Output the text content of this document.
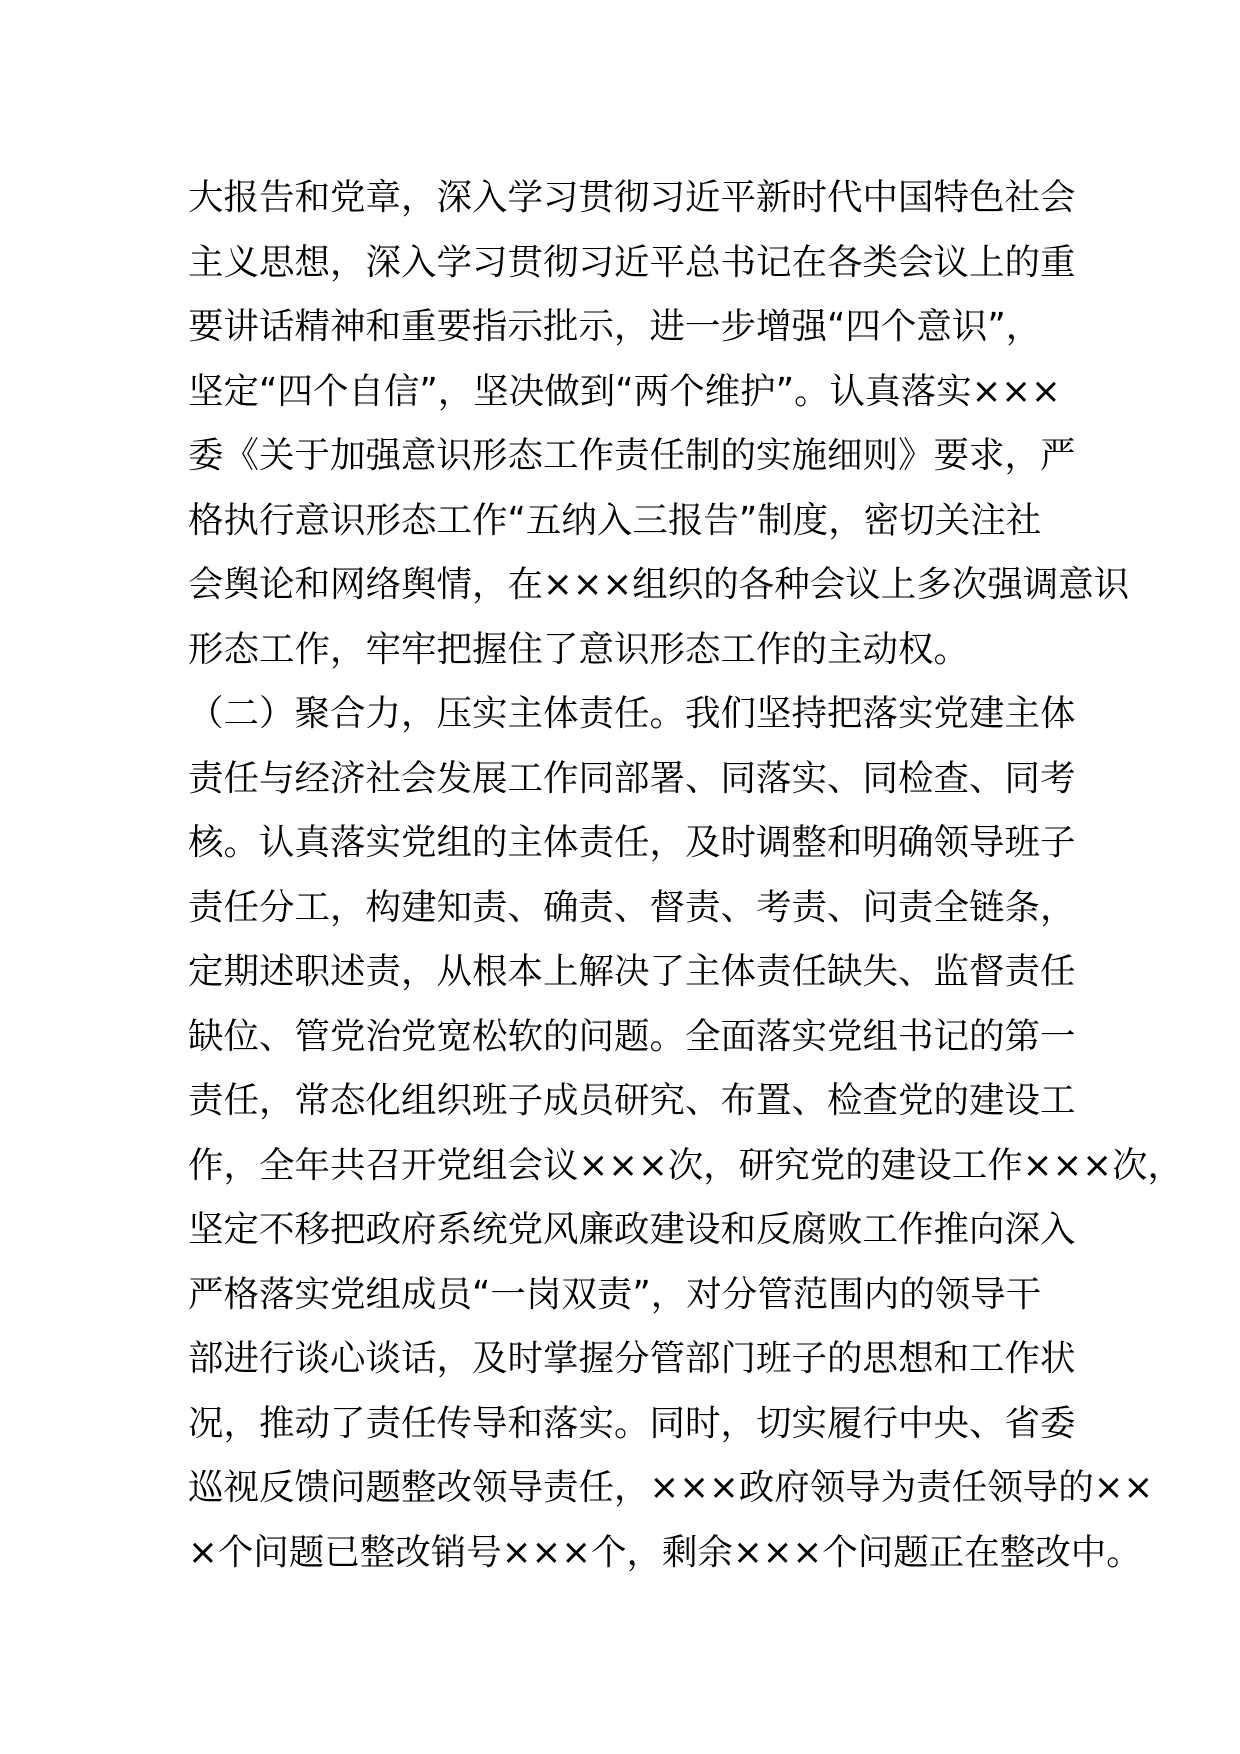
大报告和党章，深入学习贯彻习近平新时代中国特色社会
主义思想，深入学习贯彻习近平总书记在各类会议上的重
要讲话精神和重要指示批示，进一步增强“四个意识”，
坚定“四个自信”，坚决做到“两个维护”。认真落实×××
委《关于加强意识形态工作责任制的实施细则》要求，严
格执行意识形态工作“五纳入三报告”制度，密切关注社
会舆论和网络舆情，在×××组织的各种会议上多次强调意识
形态工作，牢牢把握住了意识形态工作的主动权。
（二）聚合力，压实主体责任。我们坚持把落实党建主体
责任与经济社会发展工作同部署、同落实、同检查、同考
核。认真落实党组的主体责任，及时调整和明确领导班子
责任分工，构建知责、确责、督责、考责、问责全链条，
定期述职述责，从根本上解决了主体责任缺失、监督责任
缺位、管党治党宽松软的问题。全面落实党组书记的第一
责任，常态化组织班子成员研究、布置、检查党的建设工
作，全年共召开党组会议×××次，研究党的建设工作×××次，
坚定不移把政府系统党风廉政建设和反腐败工作推向深入
严格落实党组成员“一岗双责”，对分管范围内的领导干
部进行谈心谈话，及时掌握分管部门班子的思想和工作状
况，推动了责任传导和落实。同时，切实履行中央、省委
巡视反馈问题整改领导责任，×××政府领导为责任领导的××
×个问题已整改销号×××个，剩余×××个问题正在整改中。
